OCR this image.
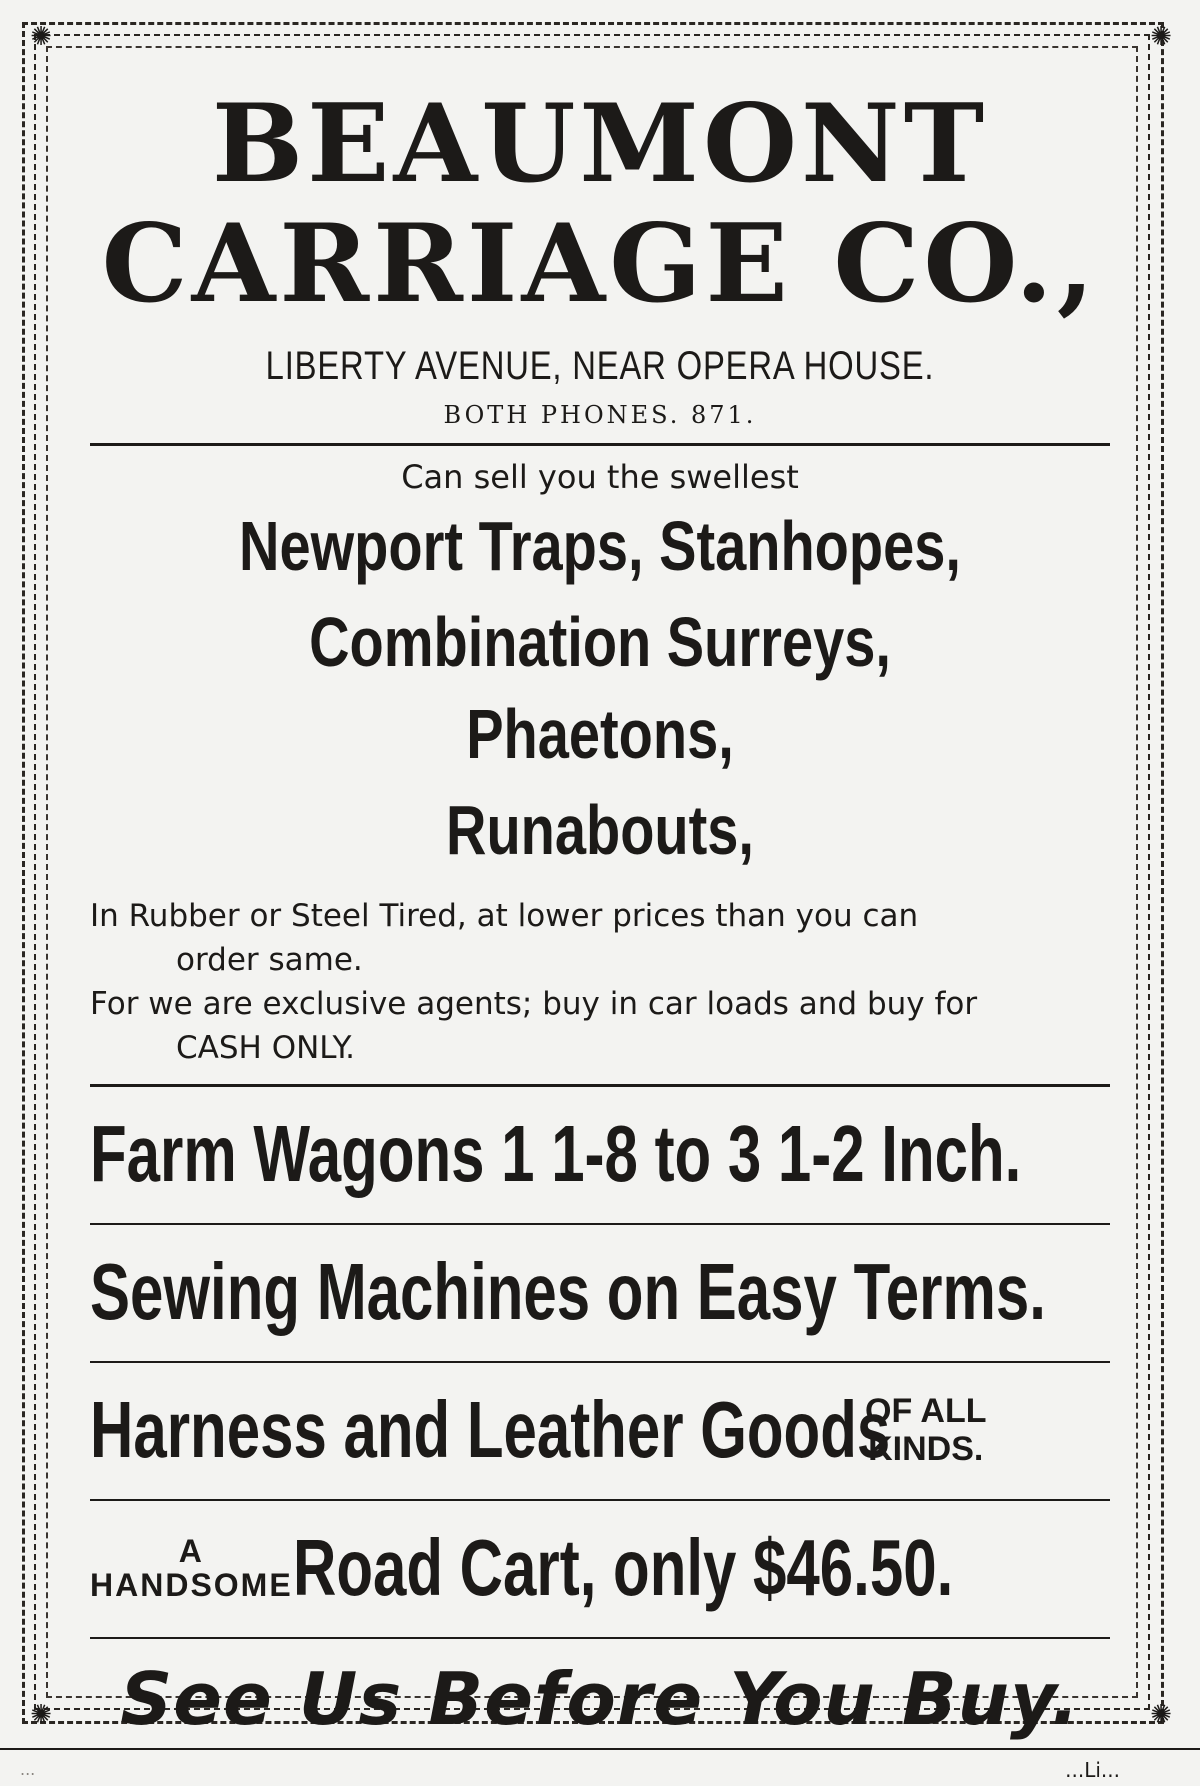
✺	✺
✺	✺
BEAUMONT
CARRIAGE CO.,
LIBERTY AVENUE, NEAR OPERA HOUSE.
BOTH PHONES. 871.
Can sell you the swellest
Newport Traps, Stanhopes,
Combination Surreys, Phaetons,
Runabouts,
In Rubber or Steel Tired, at lower prices than you can
order same.
For we are exclusive agents; buy in car loads and buy for
CASH ONLY.
Farm Wagons 1 1-8 to 3 1-2 Inch.
Sewing Machines on Easy Terms.
Harness and Leather Goods
OF ALL
KINDS.
A
HANDSOME Road Cart, only $46.50.
See Us Before You Buy.
...	...Li...
